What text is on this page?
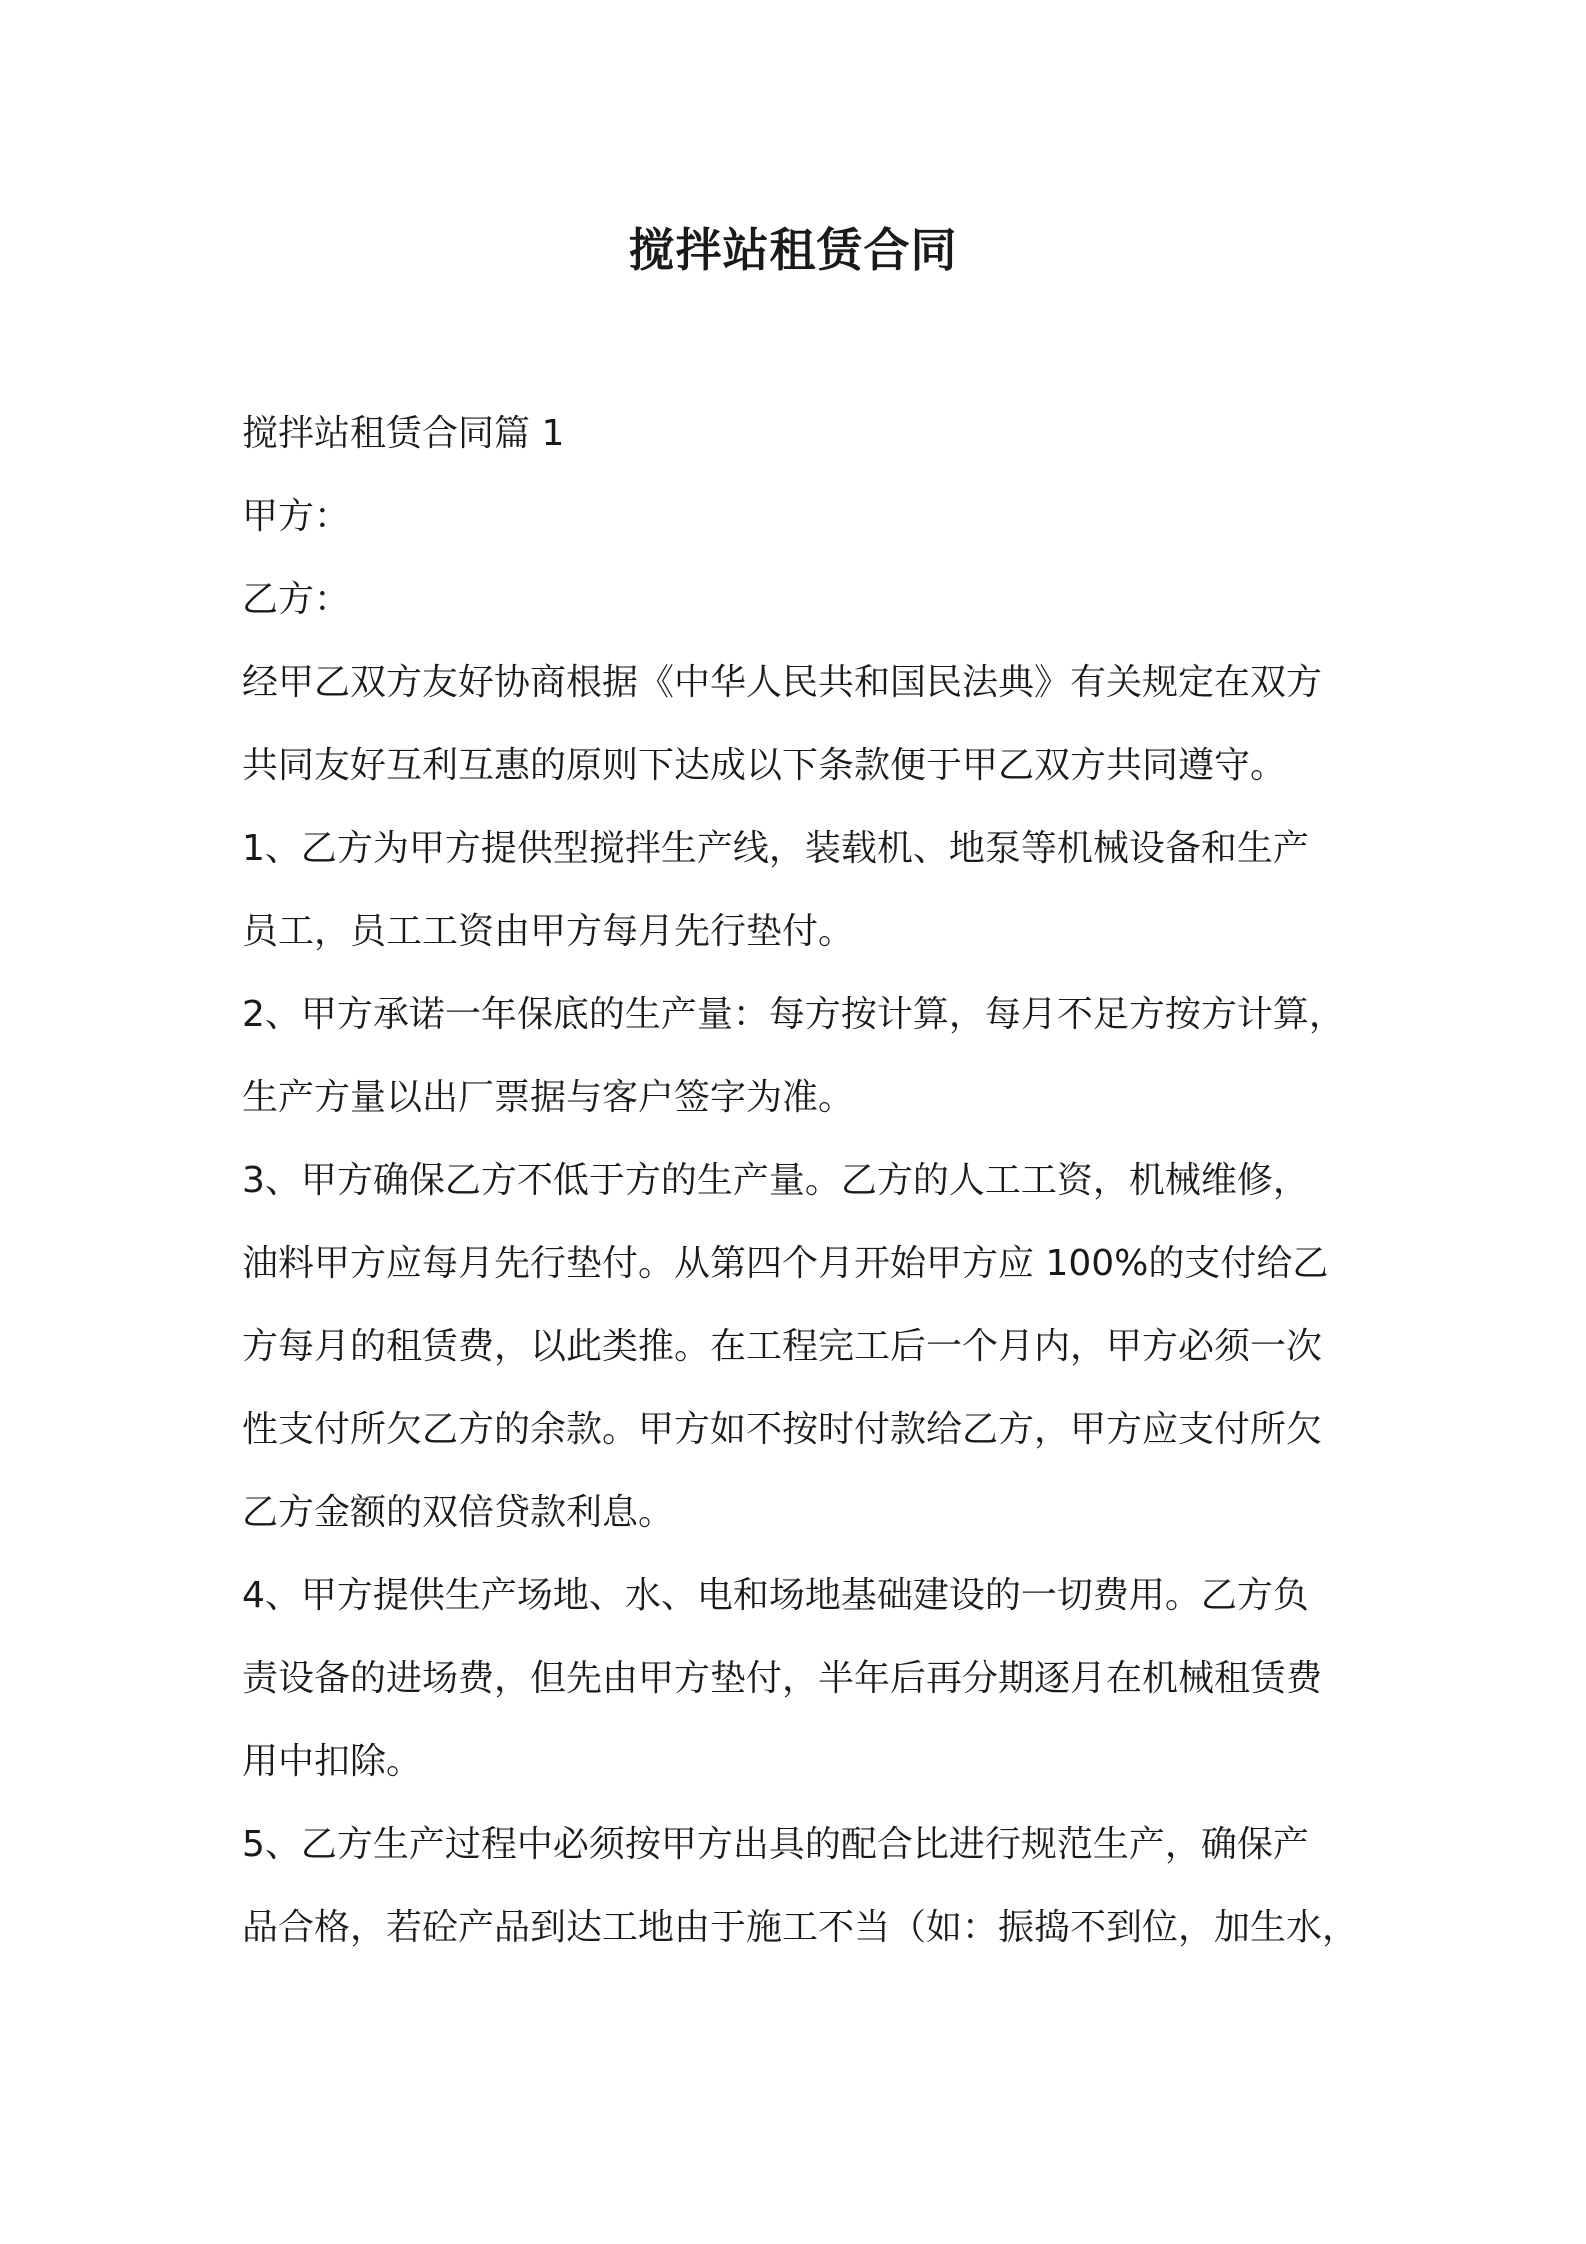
搅拌站租赁合同
搅拌站租赁合同篇 1
甲方：
乙方：
经甲乙双方友好协商根据《中华人民共和国民法典》有关规定在双方
共同友好互利互惠的原则下达成以下条款便于甲乙双方共同遵守。
1、乙方为甲方提供型搅拌生产线，装载机、地泵等机械设备和生产
员工，员工工资由甲方每月先行垫付。
2、甲方承诺一年保底的生产量：每方按计算，每月不足方按方计算，
生产方量以出厂票据与客户签字为准。
3、甲方确保乙方不低于方的生产量。乙方的人工工资，机械维修，
油料甲方应每月先行垫付。从第四个月开始甲方应 100%的支付给乙
方每月的租赁费，以此类推。在工程完工后一个月内，甲方必须一次
性支付所欠乙方的余款。甲方如不按时付款给乙方，甲方应支付所欠
乙方金额的双倍贷款利息。
4、甲方提供生产场地、水、电和场地基础建设的一切费用。乙方负
责设备的进场费，但先由甲方垫付，半年后再分期逐月在机械租赁费
用中扣除。
5、乙方生产过程中必须按甲方出具的配合比进行规范生产，确保产
品合格，若砼产品到达工地由于施工不当（如：振捣不到位，加生水，
